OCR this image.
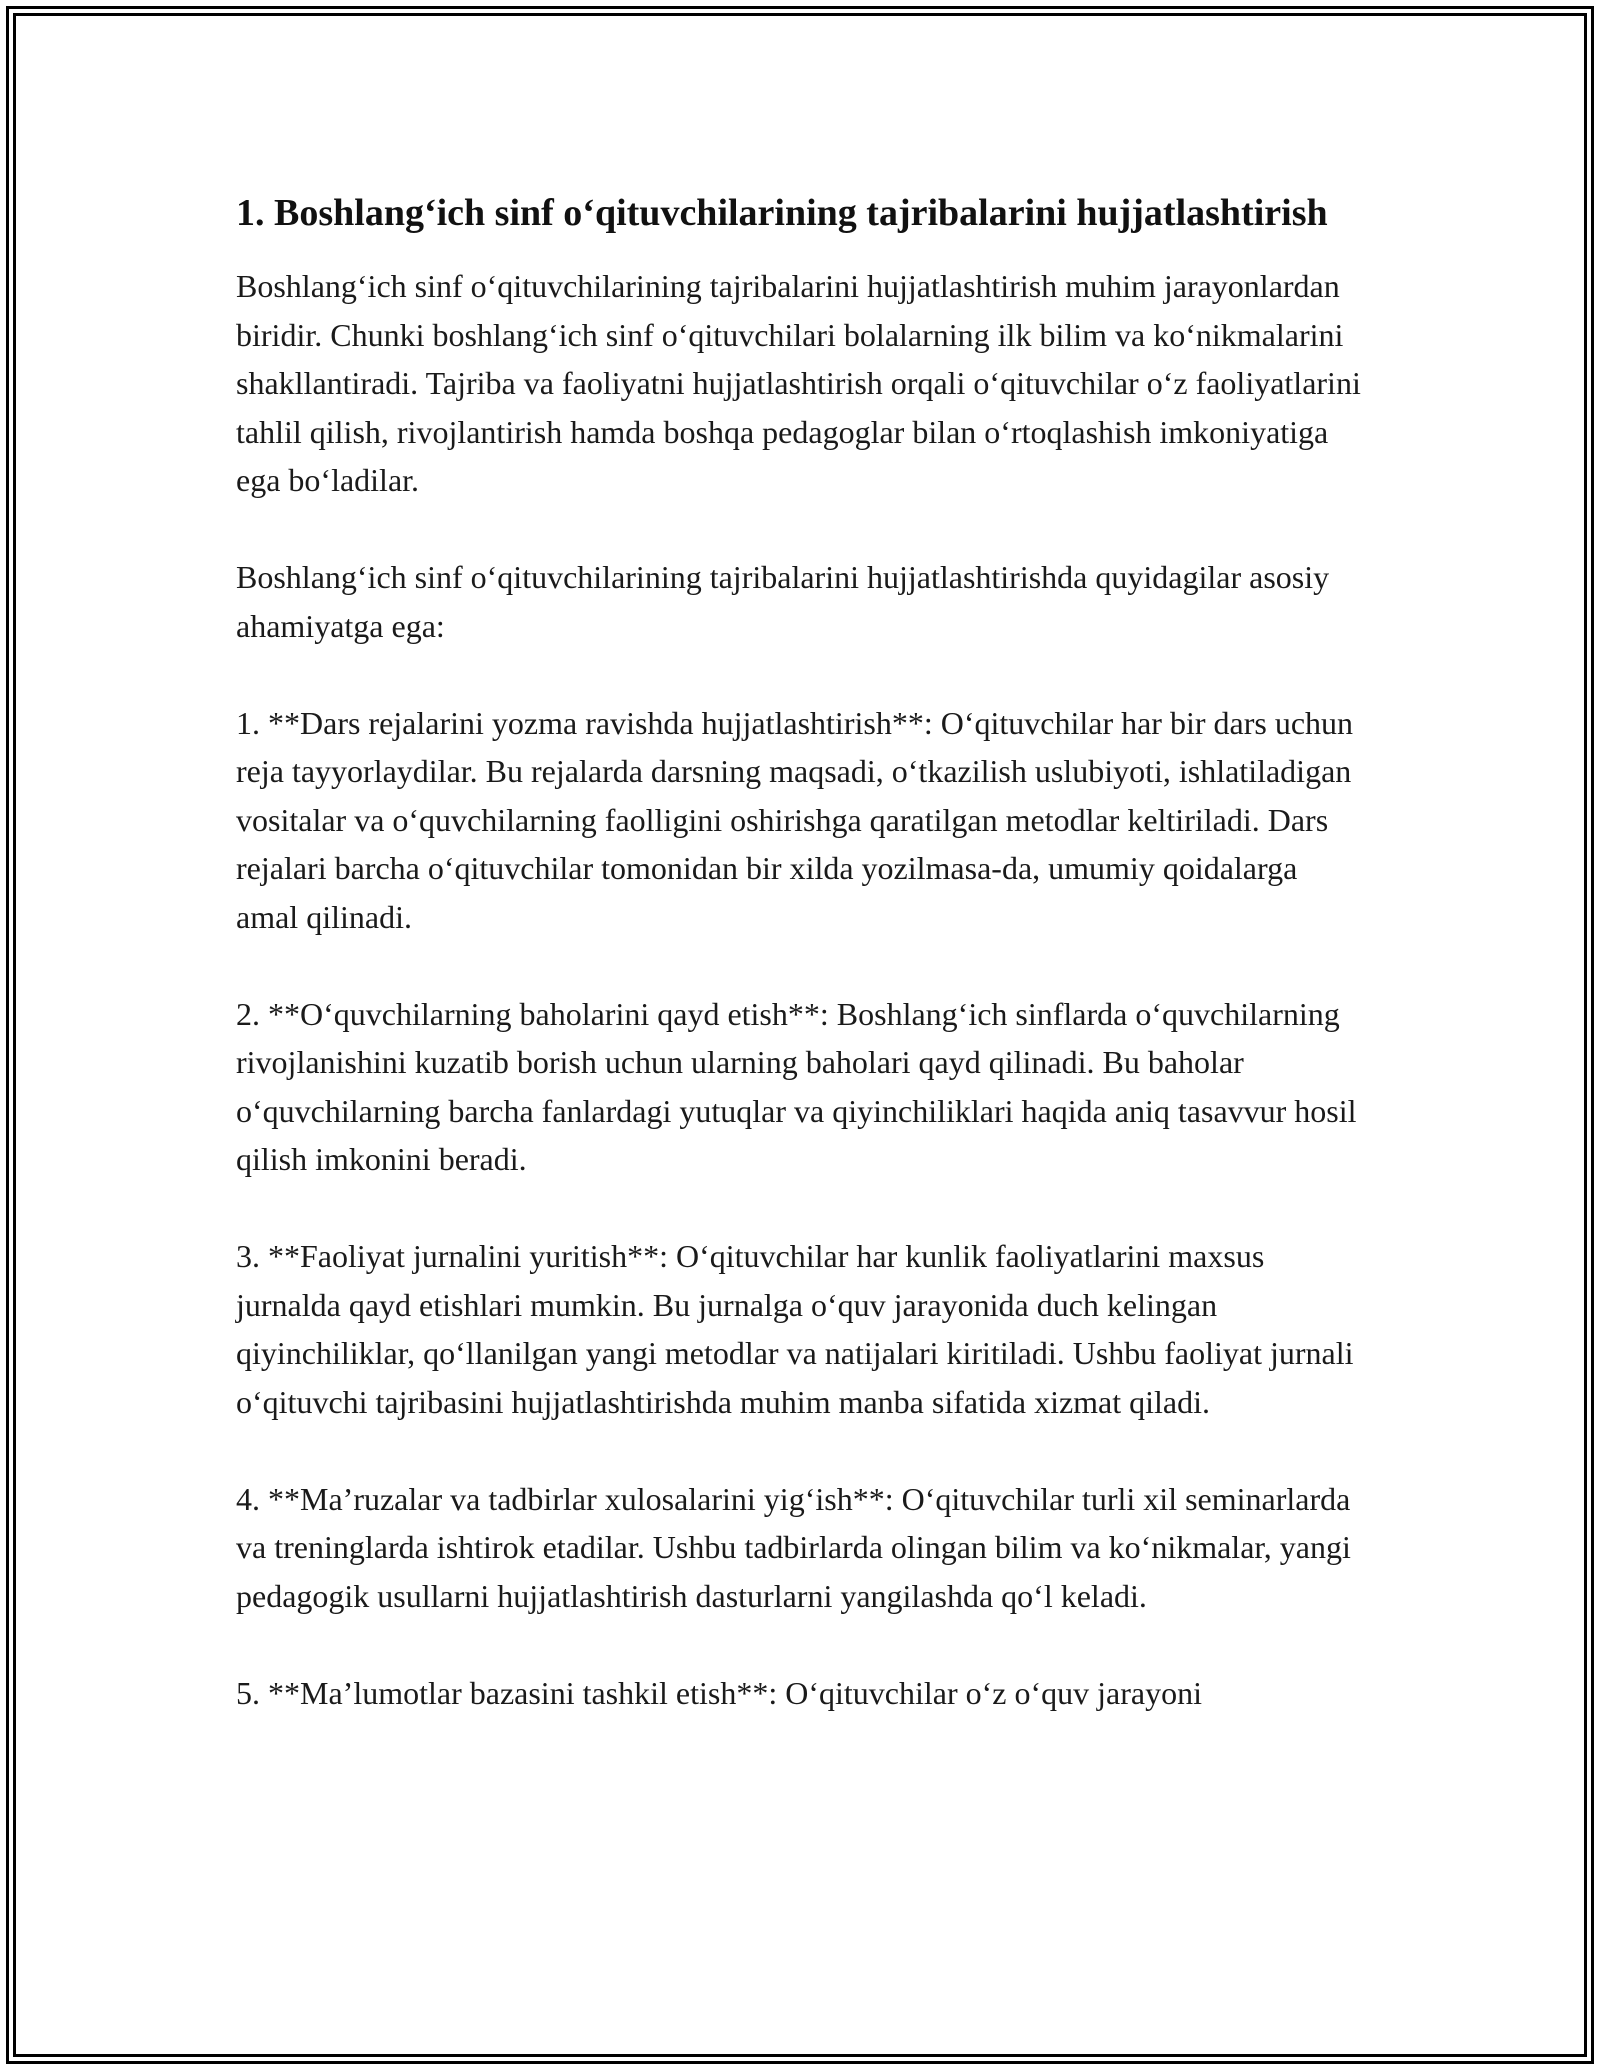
1. Boshlang‘ich sinf o‘qituvchilarining tajribalarini hujjatlashtirish

Boshlang‘ich sinf o‘qituvchilarining tajribalarini hujjatlashtirish muhim jarayonlardan biridir. Chunki boshlang‘ich sinf o‘qituvchilari bolalarning ilk bilim va ko‘nikmalarini shakllantiradi. Tajriba va faoliyatni hujjatlashtirish orqali o‘qituvchilar o‘z faoliyatlarini tahlil qilish, rivojlantirish hamda boshqa pedagoglar bilan o‘rtoqlashish imkoniyatiga ega bo‘ladilar.

Boshlang‘ich sinf o‘qituvchilarining tajribalarini hujjatlashtirishda quyidagilar asosiy ahamiyatga ega:

1. **Dars rejalarini yozma ravishda hujjatlashtirish**: O‘qituvchilar har bir dars uchun reja tayyorlaydilar. Bu rejalarda darsning maqsadi, o‘tkazilish uslubiyoti, ishlatiladigan vositalar va o‘quvchilarning faolligini oshirishga qaratilgan metodlar keltiriladi. Dars rejalari barcha o‘qituvchilar tomonidan bir xilda yozilmasa-da, umumiy qoidalarga amal qilinadi.

2. **O‘quvchilarning baholarini qayd etish**: Boshlang‘ich sinflarda o‘quvchilarning rivojlanishini kuzatib borish uchun ularning baholari qayd qilinadi. Bu baholar o‘quvchilarning barcha fanlardagi yutuqlar va qiyinchiliklari haqida aniq tasavvur hosil qilish imkonini beradi.

3. **Faoliyat jurnalini yuritish**: O‘qituvchilar har kunlik faoliyatlarini maxsus jurnalda qayd etishlari mumkin. Bu jurnalga o‘quv jarayonida duch kelingan qiyinchiliklar, qo‘llanilgan yangi metodlar va natijalari kiritiladi. Ushbu faoliyat jurnali o‘qituvchi tajribasini hujjatlashtirishda muhim manba sifatida xizmat qiladi.

4. **Ma’ruzalar va tadbirlar xulosalarini yig‘ish**: O‘qituvchilar turli xil seminarlarda va treninglarda ishtirok etadilar. Ushbu tadbirlarda olingan bilim va ko‘nikmalar, yangi pedagogik usullarni hujjatlashtirish dasturlarni yangilashda qo‘l keladi.

5. **Ma’lumotlar bazasini tashkil etish**: O‘qituvchilar o‘z o‘quv jarayoni
